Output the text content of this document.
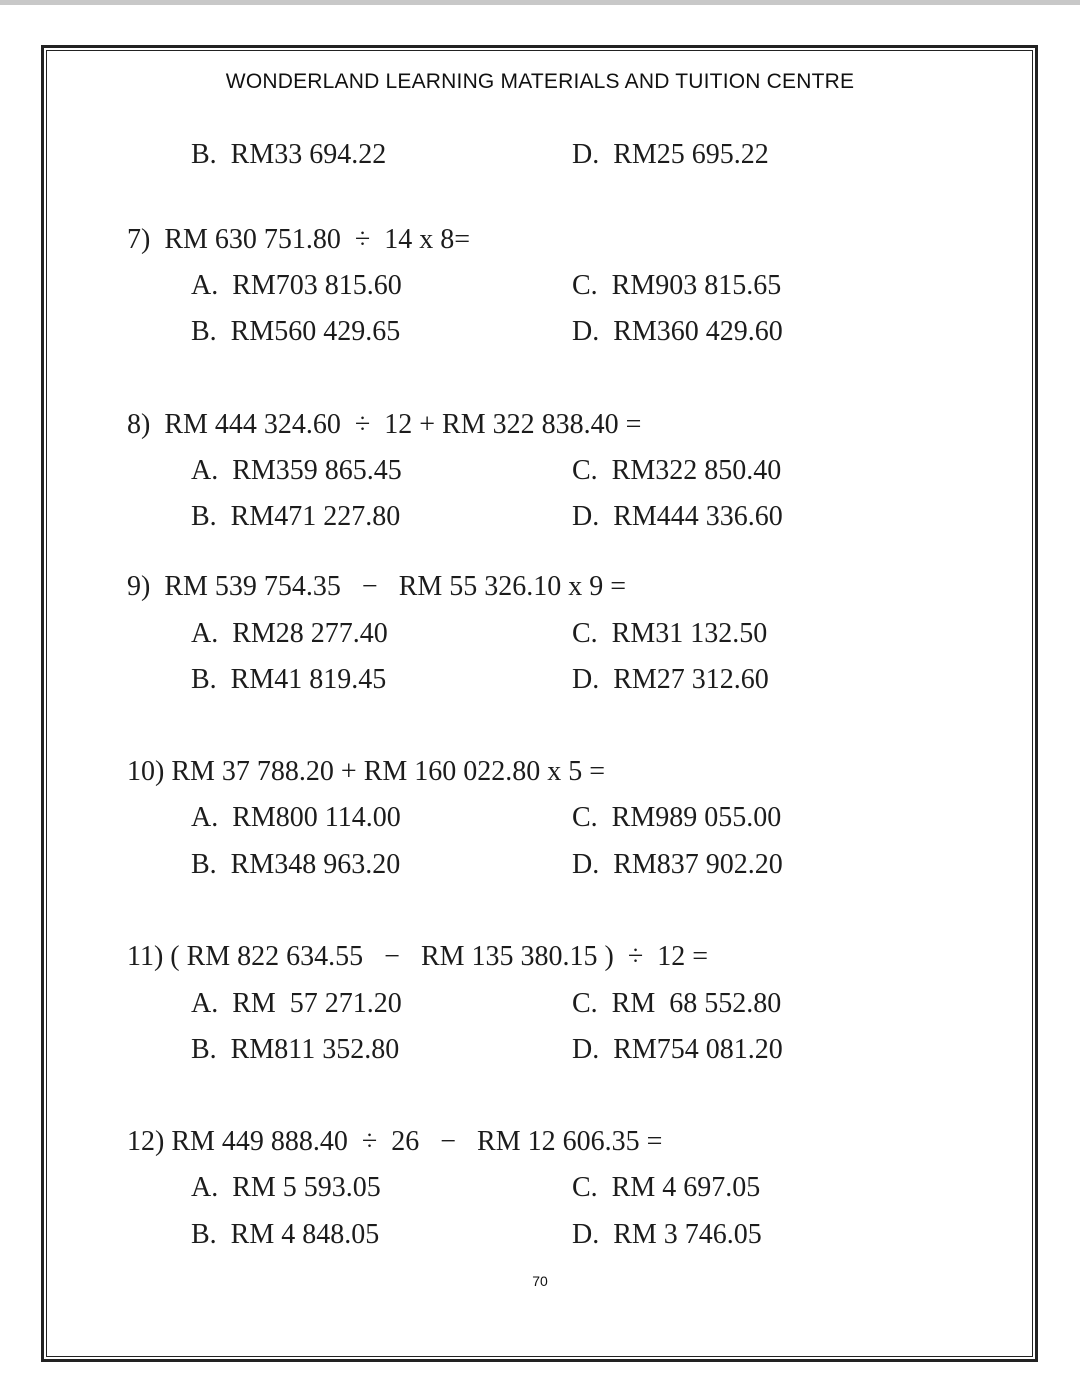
WONDERLAND LEARNING MATERIALS AND TUITION CENTRE
B.  RM33 694.22	D.  RM25 695.22
7)  RM 630 751.80  ÷  14 x 8=
A.  RM703 815.60	C.  RM903 815.65
B.  RM560 429.65	D.  RM360 429.60
8)  RM 444 324.60  ÷  12 + RM 322 838.40 =
A.  RM359 865.45	C.  RM322 850.40
B.  RM471 227.80	D.  RM444 336.60
9)  RM 539 754.35   −   RM 55 326.10 x 9 =
A.  RM28 277.40	C.  RM31 132.50
B.  RM41 819.45	D.  RM27 312.60
10) RM 37 788.20 + RM 160 022.80 x 5 =
A.  RM800 114.00	C.  RM989 055.00
B.  RM348 963.20	D.  RM837 902.20
11) ( RM 822 634.55   −   RM 135 380.15 )  ÷  12 =
A.  RM  57 271.20	C.  RM  68 552.80
B.  RM811 352.80	D.  RM754 081.20
12) RM 449 888.40  ÷  26   −   RM 12 606.35 =
A.  RM 5 593.05	C.  RM 4 697.05
B.  RM 4 848.05	D.  RM 3 746.05
70
